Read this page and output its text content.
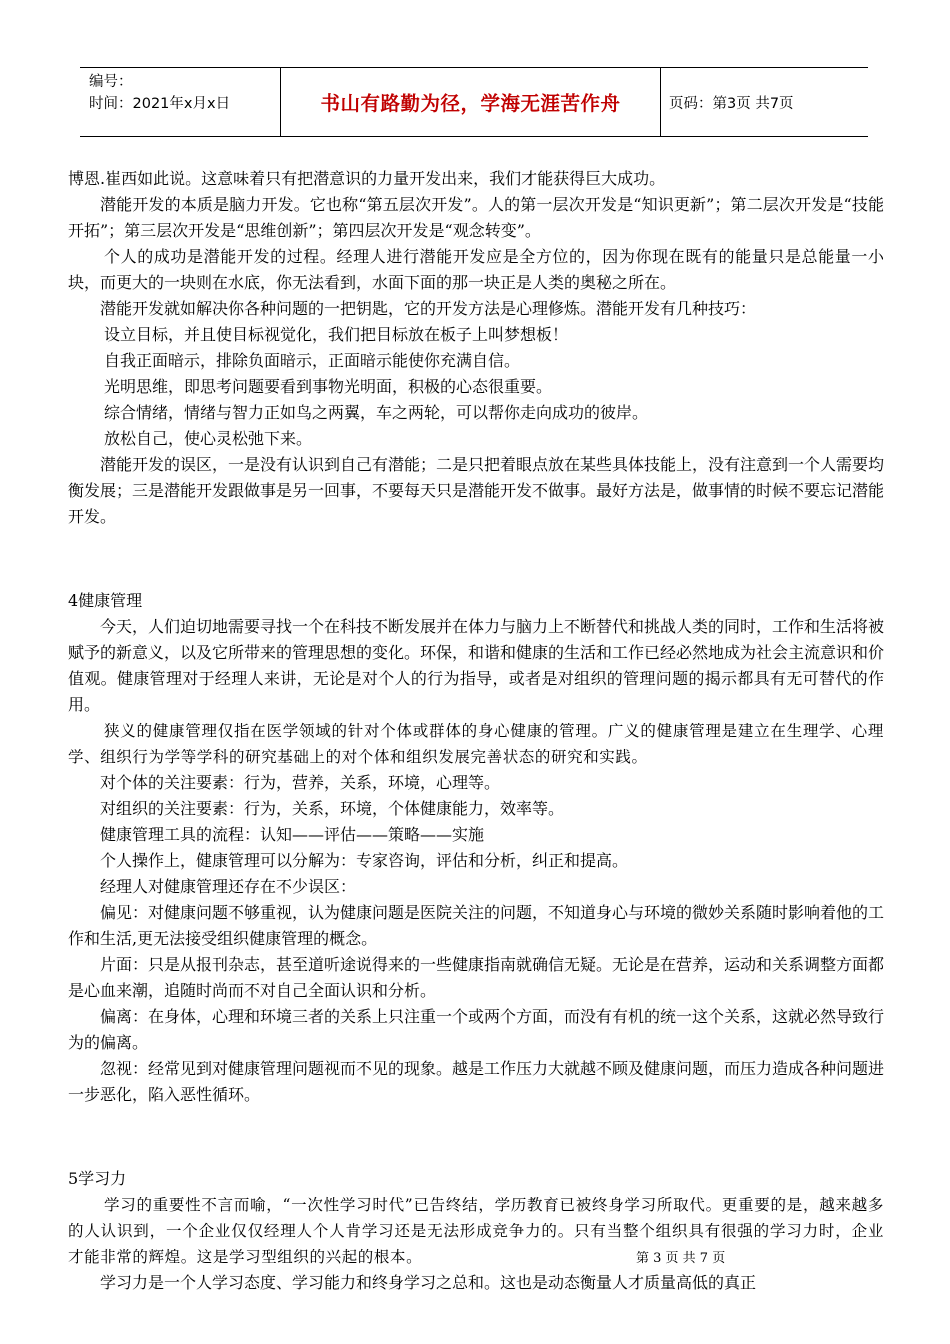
编号：
时间：2021年x月x日	书山有路勤为径，学海无涯苦作舟	页码：第3页 共7页

博恩.崔西如此说。这意味着只有把潜意识的力量开发出来，我们才能获得巨大成功。

潜能开发的本质是脑力开发。它也称“第五层次开发”。人的第一层次开发是“知识更新”；第二层次开发是“技能开拓”；第三层次开发是“思维创新”；第四层次开发是“观念转变”。

个人的成功是潜能开发的过程。经理人进行潜能开发应是全方位的，因为你现在既有的能量只是总能量一小块，而更大的一块则在水底，你无法看到，水面下面的那一块正是人类的奥秘之所在。

潜能开发就如解决你各种问题的一把钥匙，它的开发方法是心理修炼。潜能开发有几种技巧：

设立目标，并且使目标视觉化，我们把目标放在板子上叫梦想板！

自我正面暗示，排除负面暗示，正面暗示能使你充满自信。

光明思维，即思考问题要看到事物光明面，积极的心态很重要。

综合情绪，情绪与智力正如鸟之两翼，车之两轮，可以帮你走向成功的彼岸。

放松自己，使心灵松弛下来。

潜能开发的误区，一是没有认识到自己有潜能；二是只把着眼点放在某些具体技能上，没有注意到一个人需要均衡发展；三是潜能开发跟做事是另一回事，不要每天只是潜能开发不做事。最好方法是，做事情的时候不要忘记潜能开发。

4健康管理

今天，人们迫切地需要寻找一个在科技不断发展并在体力与脑力上不断替代和挑战人类的同时，工作和生活将被赋予的新意义，以及它所带来的管理思想的变化。环保，和谐和健康的生活和工作已经必然地成为社会主流意识和价值观。健康管理对于经理人来讲，无论是对个人的行为指导，或者是对组织的管理问题的揭示都具有无可替代的作用。

狭义的健康管理仅指在医学领域的针对个体或群体的身心健康的管理。广义的健康管理是建立在生理学、心理学、组织行为学等学科的研究基础上的对个体和组织发展完善状态的研究和实践。

对个体的关注要素：行为，营养，关系，环境，心理等。

对组织的关注要素：行为，关系，环境，个体健康能力，效率等。

健康管理工具的流程：认知——评估——策略——实施

个人操作上，健康管理可以分解为：专家咨询，评估和分析，纠正和提高。

经理人对健康管理还存在不少误区：

偏见：对健康问题不够重视，认为健康问题是医院关注的问题，不知道身心与环境的微妙关系随时影响着他的工作和生活,更无法接受组织健康管理的概念。

片面：只是从报刊杂志，甚至道听途说得来的一些健康指南就确信无疑。无论是在营养，运动和关系调整方面都是心血来潮，追随时尚而不对自己全面认识和分析。

偏离：在身体，心理和环境三者的关系上只注重一个或两个方面，而没有有机的统一这个关系，这就必然导致行为的偏离。

忽视：经常见到对健康管理问题视而不见的现象。越是工作压力大就越不顾及健康问题，而压力造成各种问题进一步恶化，陷入恶性循环。

5学习力

学习的重要性不言而喻，“一次性学习时代”已告终结，学历教育已被终身学习所取代。更重要的是，越来越多的人认识到，一个企业仅仅经理人个人肯学习还是无法形成竞争力的。只有当整个组织具有很强的学习力时，企业才能非常的辉煌。这是学习型组织的兴起的根本。

学习力是一个人学习态度、学习能力和终身学习之总和。这也是动态衡量人才质量高低的真正

第 3 页 共 7 页
